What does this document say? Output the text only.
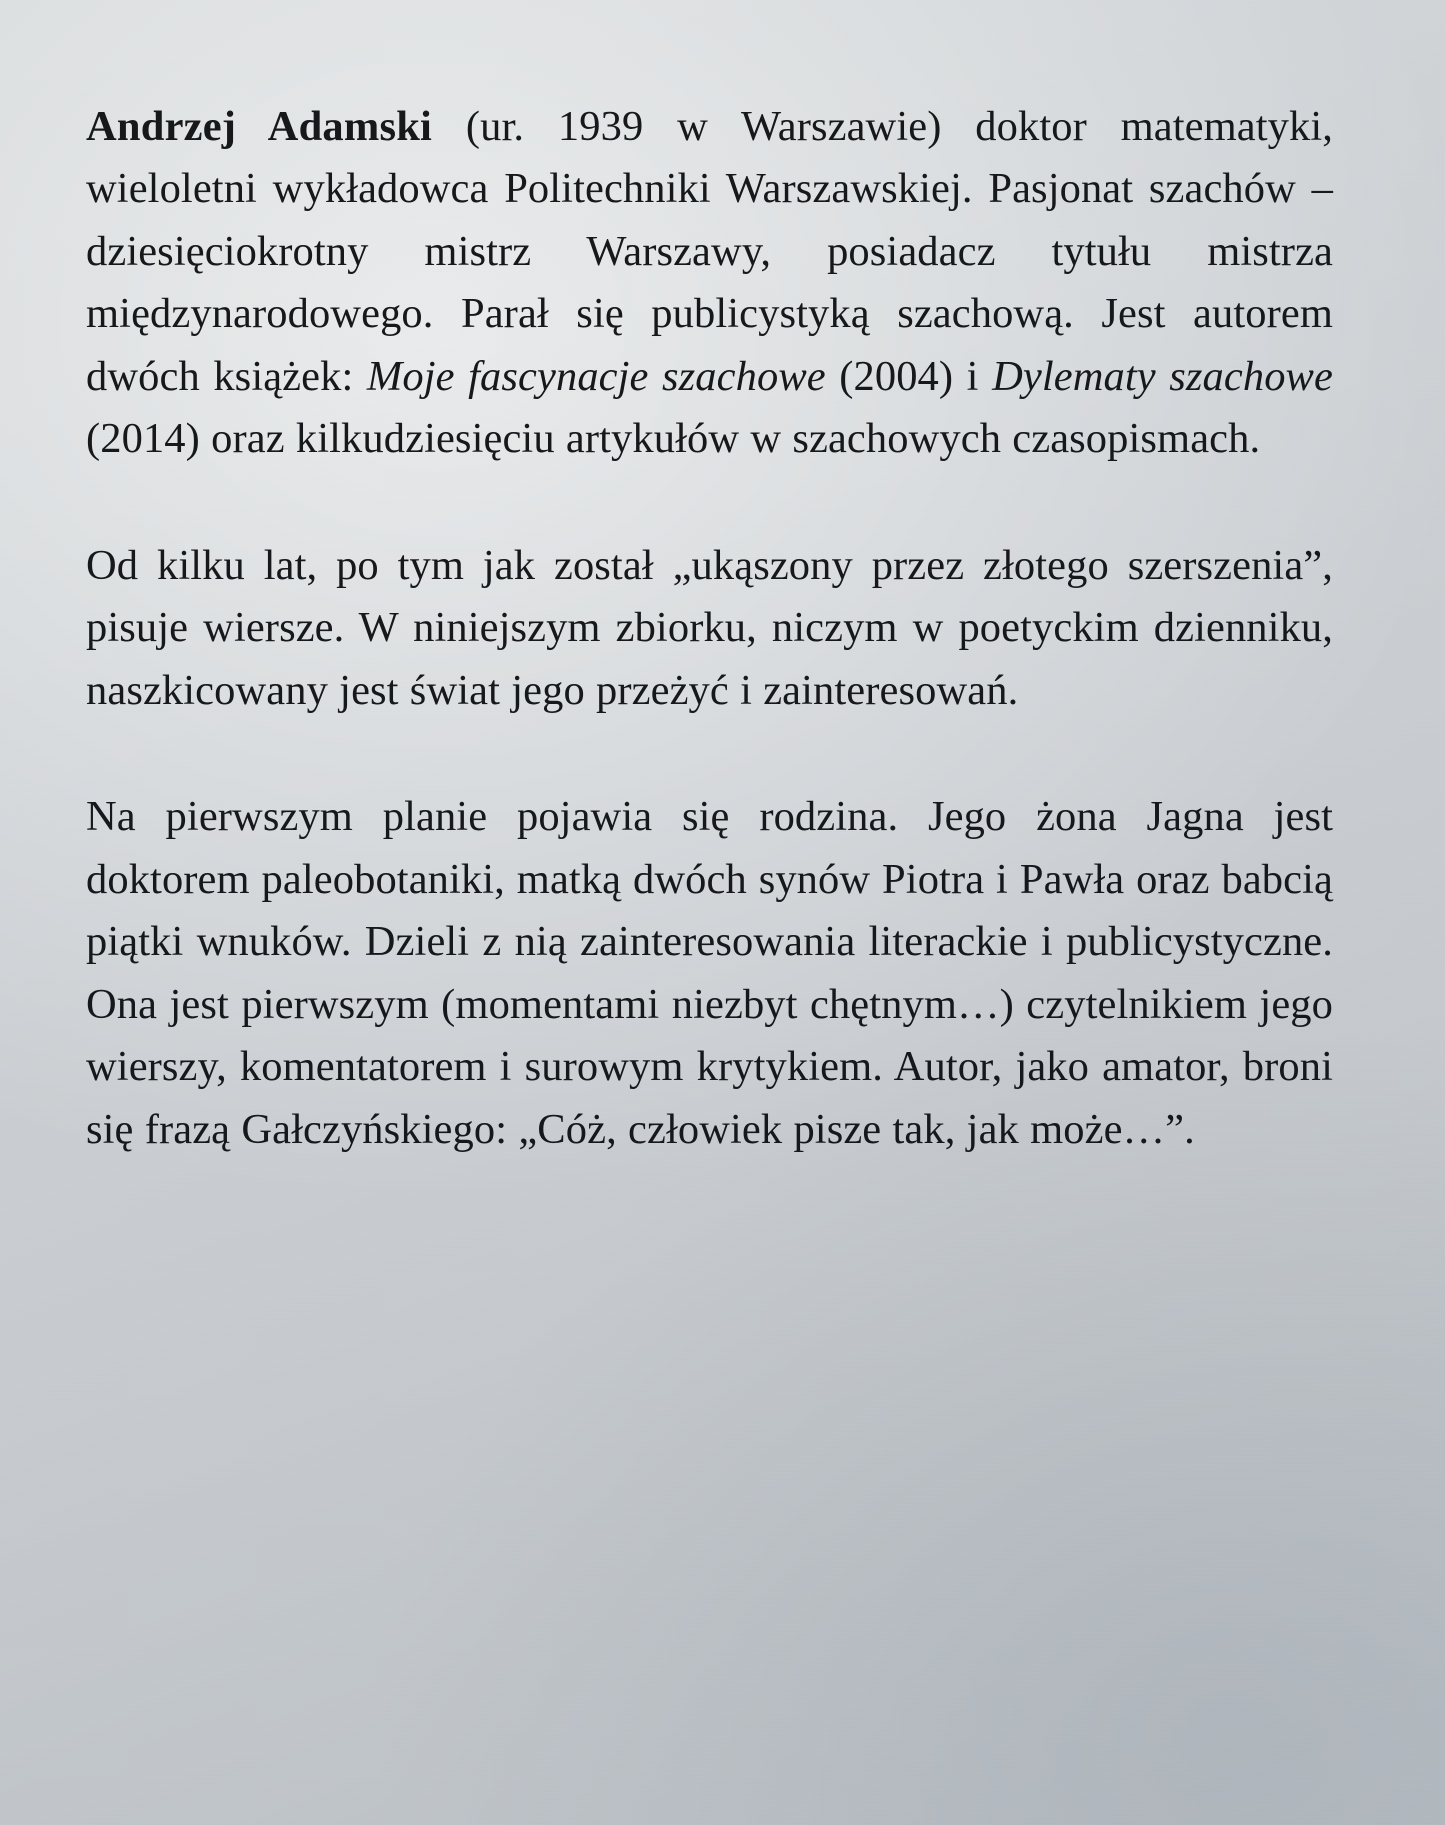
Andrzej Adamski (ur. 1939 w Warszawie) doktor matematyki, wieloletni wykładowca Politechniki Warszawskiej. Pasjonat szachów – dziesięciokrotny mistrz Warszawy, posiadacz tytułu mistrza międzynarodowego. Parał się publicystyką szachową. Jest autorem dwóch książek: Moje fascynacje szachowe (2004) i Dylematy szachowe (2014) oraz kilkudziesięciu artykułów w szachowych czasopismach.

Od kilku lat, po tym jak został „ukąszony przez złotego szerszenia”, pisuje wiersze. W niniejszym zbiorku, niczym w poetyckim dzienniku, naszkicowany jest świat jego przeżyć i zainteresowań.

Na pierwszym planie pojawia się rodzina. Jego żona Jagna jest doktorem paleobotaniki, matką dwóch synów Piotra i Pawła oraz babcią piątki wnuków. Dzieli z nią zainteresowania literackie i publicystyczne. Ona jest pierwszym (momentami niezbyt chętnym…) czytelnikiem jego wierszy, komentatorem i surowym krytykiem. Autor, jako amator, broni się frazą Gałczyńskiego: „Cóż, człowiek pisze tak, jak może…”.
